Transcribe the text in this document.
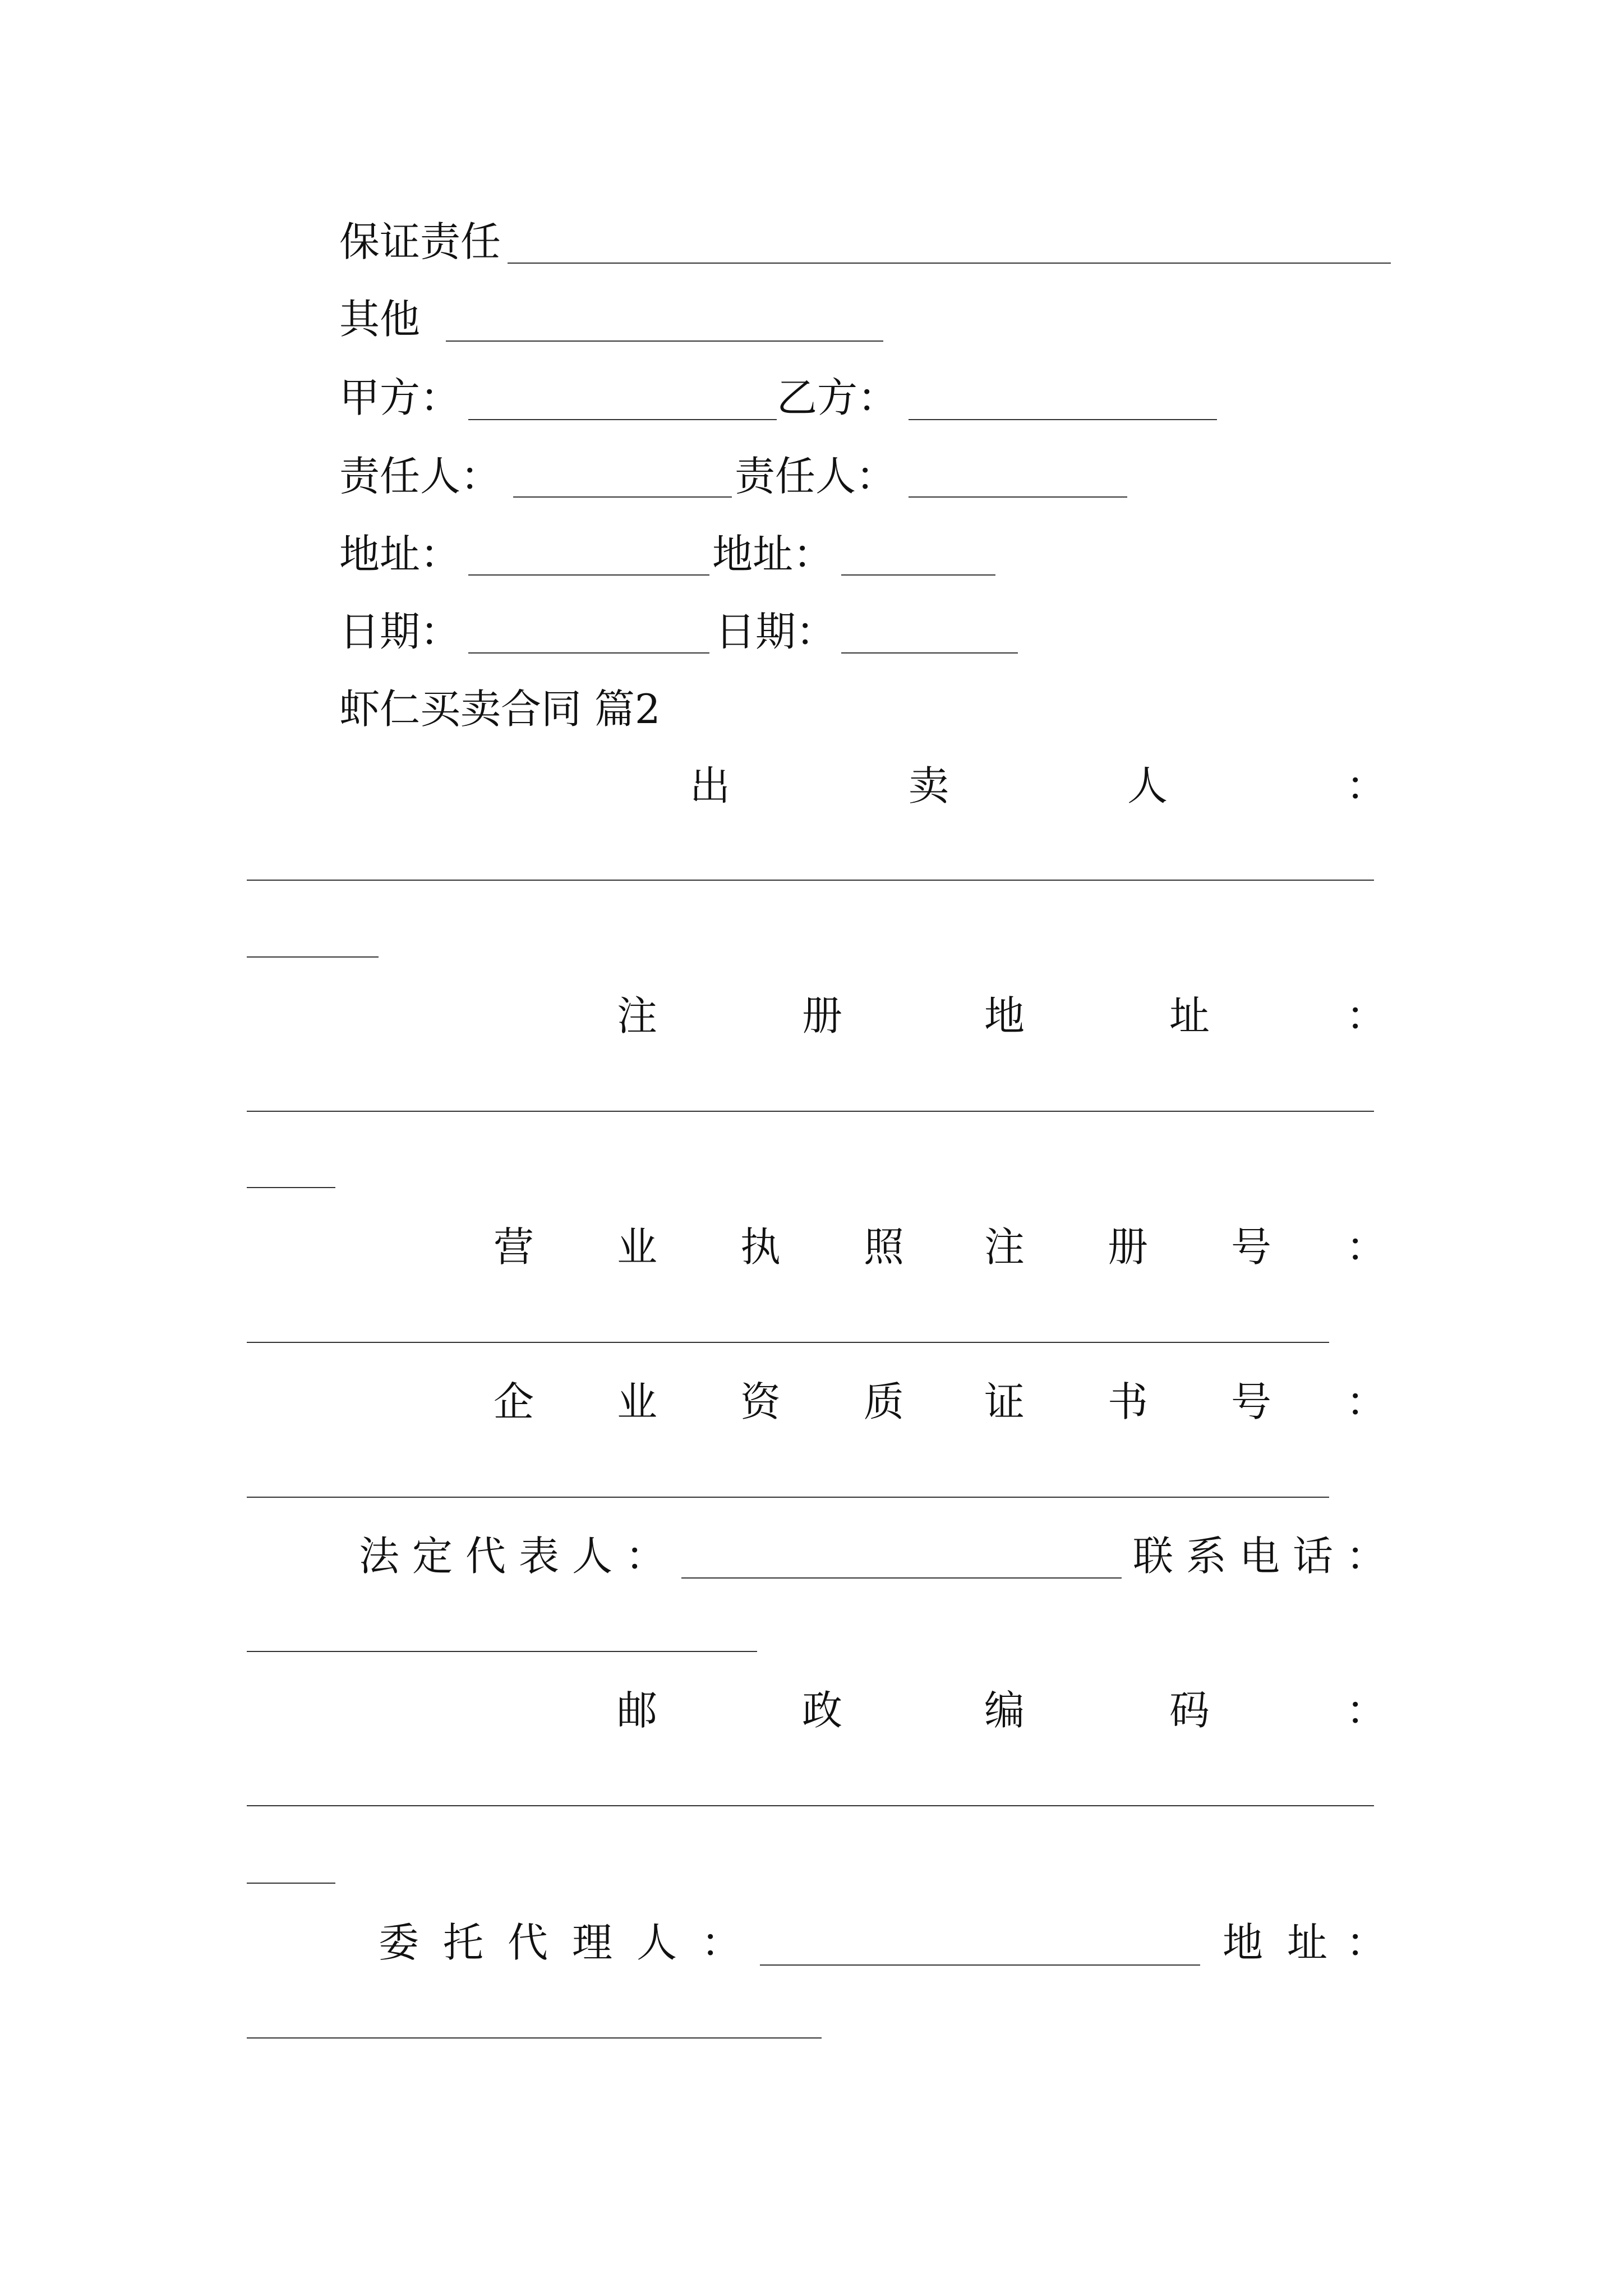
保证责任
其他
甲方：	乙方：
责任人：	责任人：
地址：	地址：
日期：	日期：
虾仁买卖合同 篇2
出	卖	人	：
注	册	地	址	：
营 业 执 照 注 册 号 ：
企 业 资 质 证 书 号 ：
法 定 代 表 人 ：	联 系 电 话 ：
邮	政	编	码	：
委 托 代 理 人 ：	地 址 ：
